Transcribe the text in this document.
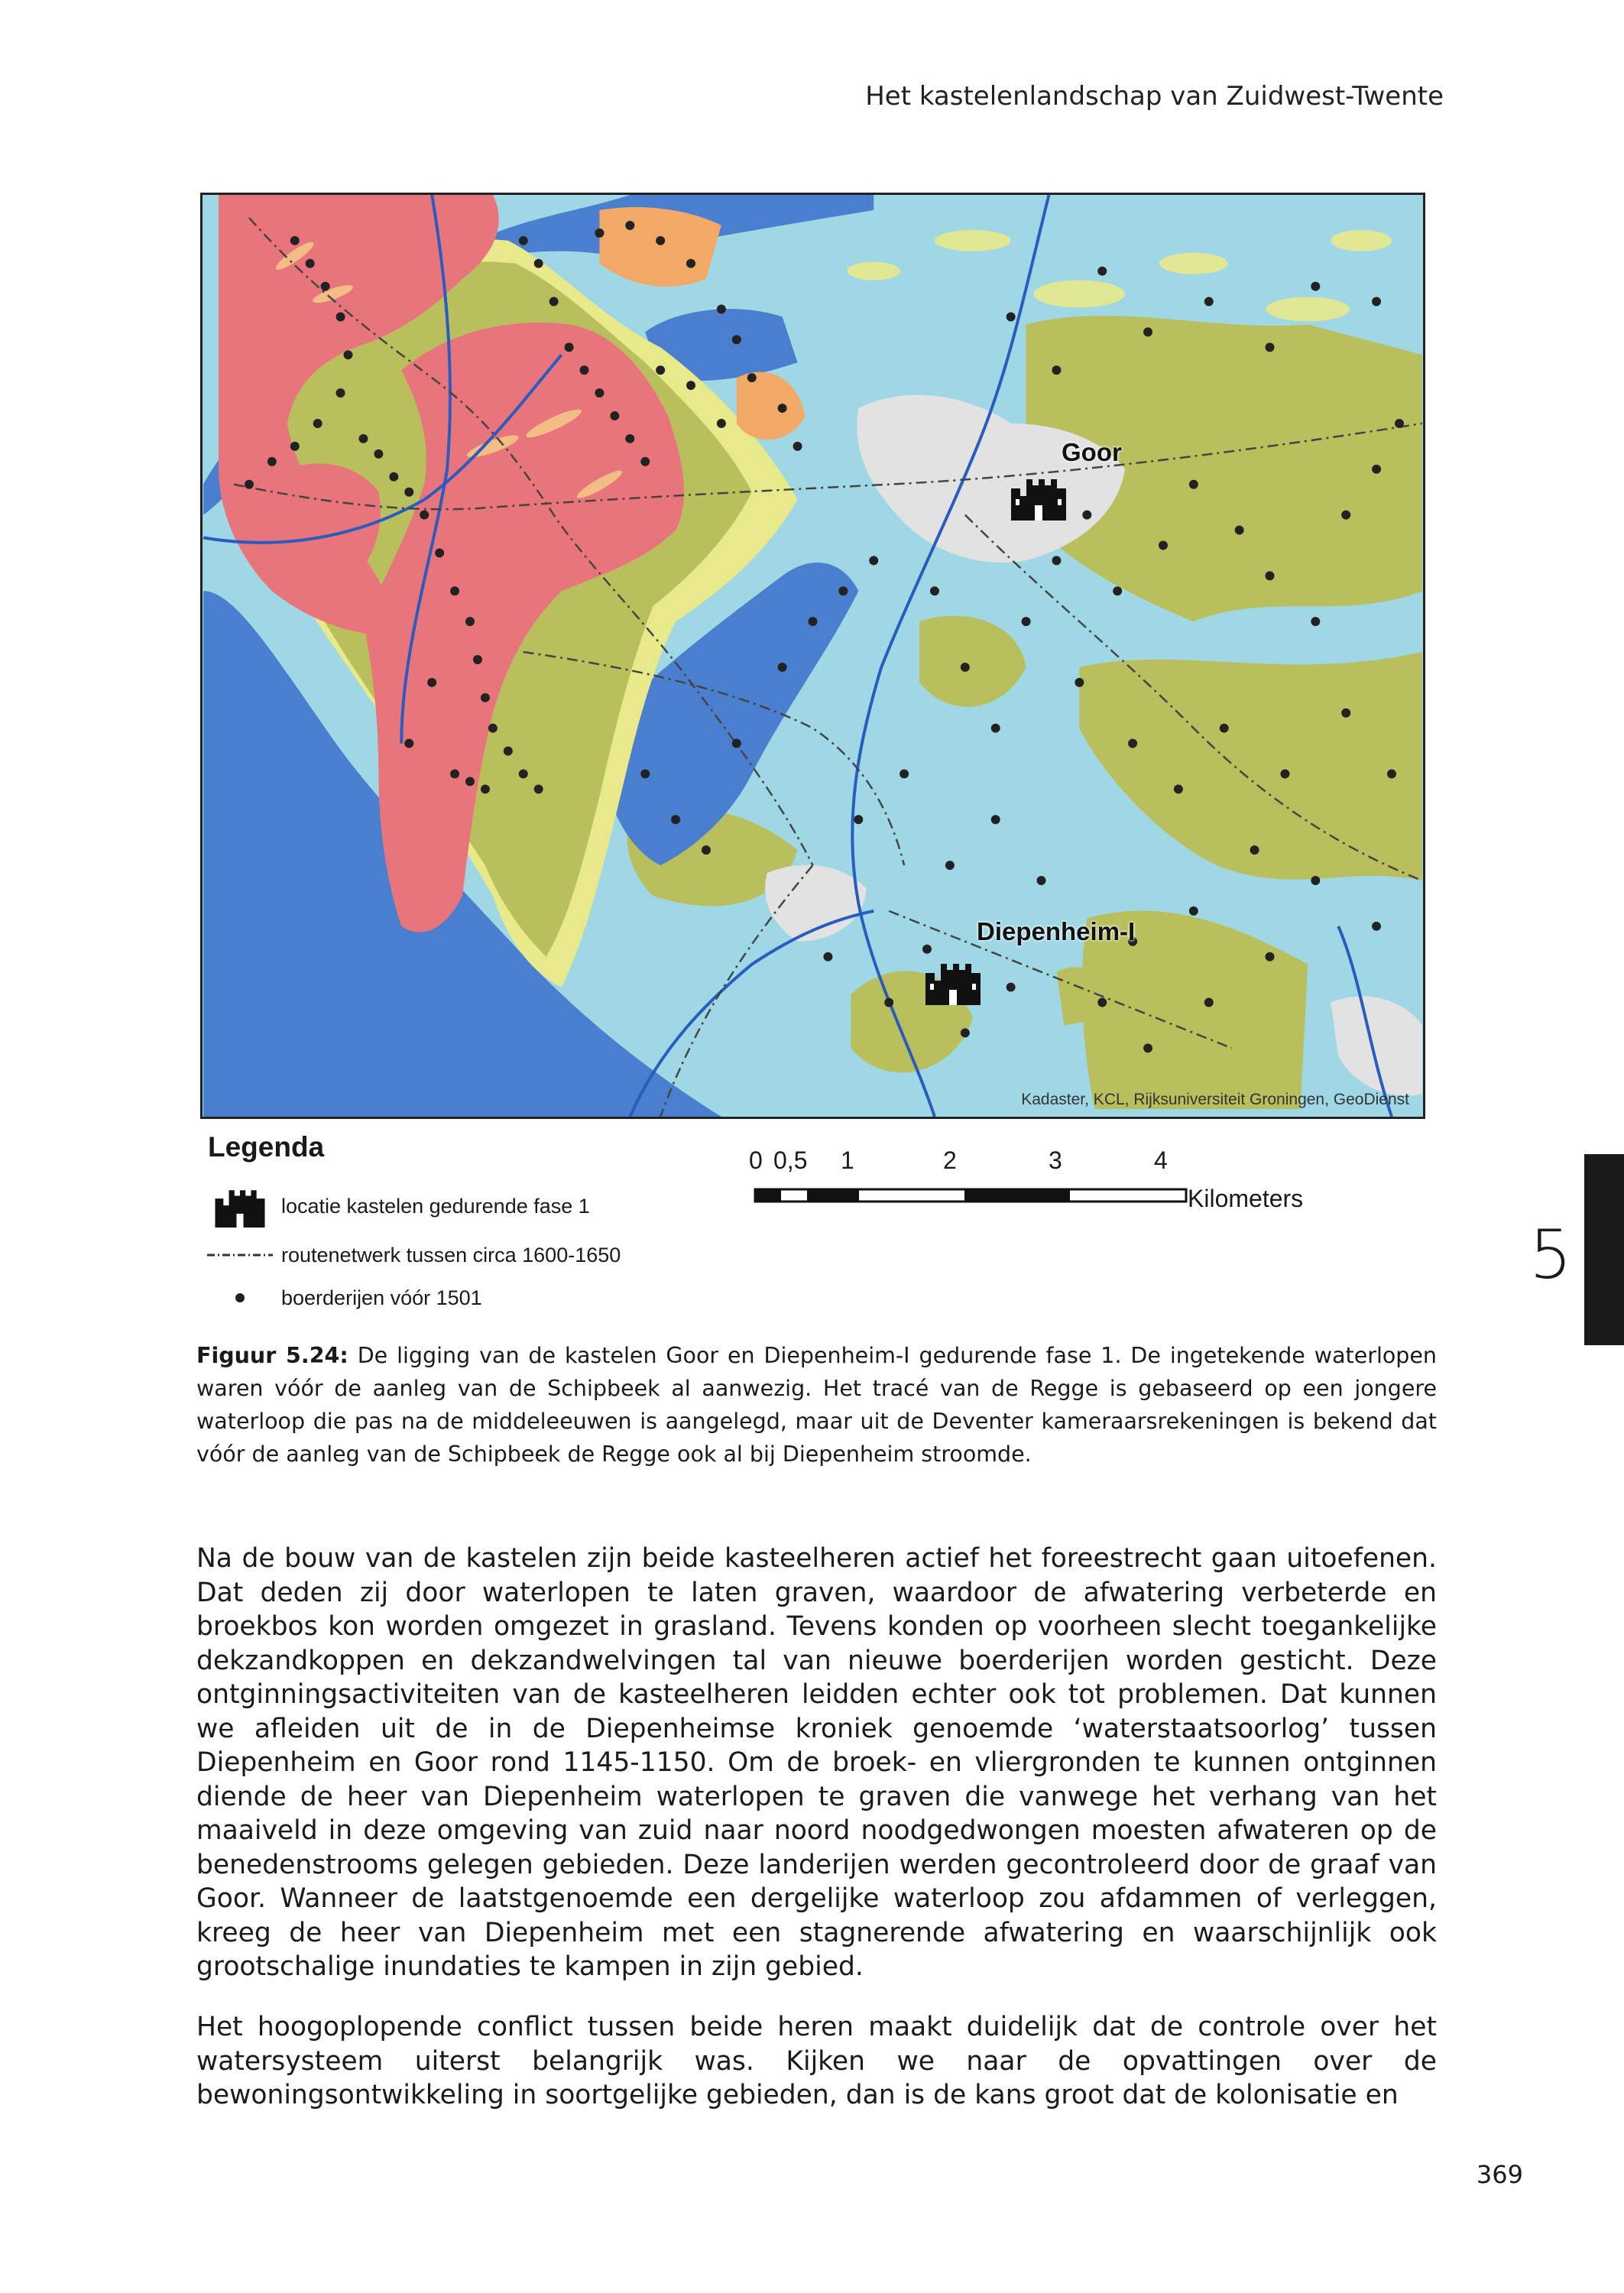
Het kastelenlandschap van Zuidwest-Twente
Goor
Diepenheim-I
Kadaster, KCL, Rijksuniversiteit Groningen, GeoDienst
Legenda
locatie kastelen gedurende fase 1
routenetwerk tussen circa 1600-1650
boerderijen vóór 1501
0 0,5 1	2	3	4
Kilometers
5
Figuur 5.24: De ligging van de kastelen Goor en Diepenheim-I gedurende fase 1. De ingetekende waterlopen waren vóór de aanleg van de Schipbeek al aanwezig. Het tracé van de Regge is gebaseerd op een jongere waterloop die pas na de middeleeuwen is aangelegd, maar uit de Deventer kameraarsrekeningen is bekend dat vóór de aanleg van de Schipbeek de Regge ook al bij Diepenheim stroomde.

Na de bouw van de kastelen zijn beide kasteelheren actief het foreestrecht gaan uitoefenen. Dat deden zij door waterlopen te laten graven, waardoor de afwatering verbeterde en broekbos kon worden omgezet in grasland. Tevens konden op voorheen slecht toegankelijke dekzandkoppen en dekzandwelvingen tal van nieuwe boerderijen worden gesticht. Deze ontginningsactiviteiten van de kasteelheren leidden echter ook tot problemen. Dat kunnen we afleiden uit de in de Diepenheimse kroniek genoemde ‘waterstaatsoorlog’ tussen Diepenheim en Goor rond 1145-1150. Om de broek- en vliergronden te kunnen ontginnen diende de heer van Diepenheim waterlopen te graven die vanwege het verhang van het maaiveld in deze omgeving van zuid naar noord noodgedwongen moesten afwateren op de benedenstrooms gelegen gebieden. Deze landerijen werden gecontroleerd door de graaf van Goor. Wanneer de laatstgenoemde een dergelijke waterloop zou afdammen of verleggen, kreeg de heer van Diepenheim met een stagnerende afwatering en waarschijnlijk ook grootschalige inundaties te kampen in zijn gebied.

Het hoogoplopende conflict tussen beide heren maakt duidelijk dat de controle over het watersysteem uiterst belangrijk was. Kijken we naar de opvattingen over de bewoningsontwikkeling in soortgelijke gebieden, dan is de kans groot dat de kolonisatie en

369
